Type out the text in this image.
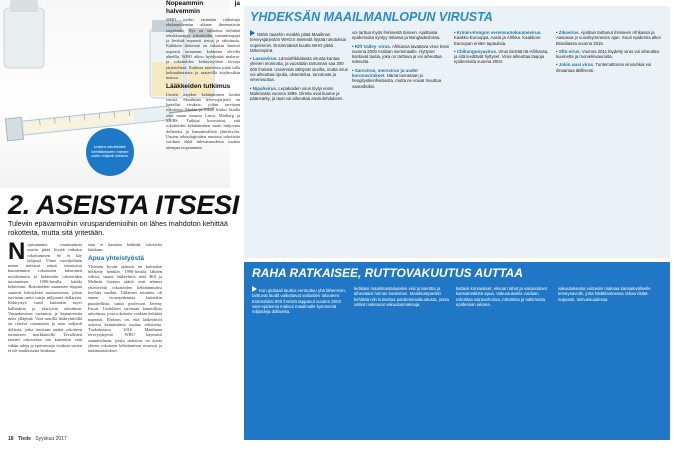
Uusien rokotteiden kehittämiseen menee usein miljardi dollaria.
2. ASEISTA ITSESI
Tuleviin epävarmoihin viruspandemioihin on lähes mahdoton kehittää rokotteita, mutta sitä yritetään.
N opeutamme varautumista uusiin pitää löytää ratkaisu rokottumisen. Se ei käy helposti. Viime vuosikolmen menet tarttuvat nämä sitoutuivat kuumemmin rokotusten tuleminen myöhemmin ja kehitettiin rokotteiden tuottaminen. 1980-luvulla kaikki kehitettiin. Rokotteiden saaminen riippuu suuresti kehityksen tuottamisesta, johon tarvitaan usein satoja miljoonia dollareita. Kehitystyö vaatii kuitenkin myös hallituksia ja yksityistä rahoitusta. Varaudumisen tuotantoa ja kapasiteettia tulee ylläpitää. Vain suurilla lääkeyhtiöillä on riittävä osaaminen ja noin miljardi dollaria, jotka tarvitaan uuden rokotteen tuomiseen markkinoille. Tavallisten tautien rokotteista saa kuitenkin vain vähän tuloja ja epävarmoja viruksia varten ei ole markkinoita lainkaan.
taan ei kannata kehittää rokotteita lainkaan.
Apua yhteistyöstä
Yhteisen hyvän ajatusta on kuitenkin herätetty henkiin. 1990-luvulla lähtien valtiot, suuret lääkeyhtiöt sekä Bill ja Melinda Gatesin säätiö ovat tehneet yhteistyötä rokotteiden kehittämiseksi köyhiin maihin. Tällainen toiminta oli ennen virusepidemiaa kuitenkin puutteellista, sanoo professori Jeremy Farrar. Uudelleen tarvitaan kunnollista rahoitusta, jotta rokotteita voidaan kehittää nopeasti. Ehdotus on, että lääkeyhtiöt saisivat kannustimia tuottaa rokotteita. Tuokokuussa 2016 Maailman terveysjärjestö WHO käynnisti suunnitelman, jonka tarkoitus on koota yhteen rokotteen kehittämisen resurssit ja tutkimustulokset.
Nopeammin ja halvemmin
WHO pyrkii etsimään ratkaisuja ebolaepidemian aikana ilmenneisiin ongelmiin. Nyt on tarkoitus kehittää tehokkaampia rokotteiden tuotantotapoja ja levittää nopeasti tietoa ja rahoitusta. Kaikkein tärkeintä on rokottaa ihmiset nopeasti tartunnan kohteena olevilla alueilla. WHO aikoo hyödyntää malaria- ja rokotteiden kehitystyöhön luotuja järjestelmiä. Kaikista tuotteista pitää tulla kohtuuhintaisia ja saatavilla köyhissäkin maissa.
Lääkkeiden tutkimus
Uusien aseiden kehittäminen kestää vuosia. Maailman terveysjärjestö on luetellut viruksia, joihin tarvitaan rokotteita. Ebolan ja Zikan lisäksi listalla ovat muun muassa Lassa, Marburg ja MERS. Tutkijat korostavat, että rokotteiden kehittäminen vaatii miljoonia dollareita ja kansainvälistä yhteistyötä. Uusien teknologioiden ansiosta rokotteita voidaan ehkä tulevaisuudessa tuottaa aiempaa nopeammin.
YHDEKSÄN MAAILMANLOPUN VIRUSTA
Nähin tautehin meidän pitää Maailman terveysjärjestön WHO:n mielestä löytää rokotuksia nopeimmin. Ensimmäisiä kuutta WHO pitää tärkeimpinä.
• Lassavirus. Länsiafrikkalaista virusta kantaa yleinen monirotta, ja vuosittain tartunnan saa 300 000 ihmistä. Useimmat välttyvät oireilta, mutta virus voi aiheuttaa ripulia, oksentelua, turvotusta ja verenvuotoa.
• Nipahvirus. Lepakoiden virus löytyi ensin Malesiasta vuonna 1999. Oireita ovat kuume ja päänsärky, ja tauti voi aiheuttaa aivotulehduksen.
voi tarttua myös ihmisestä toiseen. Ajoittaisia epidemioita syntyy Intiassa ja Bangladeshissa.
• Rift Valley -virus. Afrikassa tavattava virus levisi vuonna 2000 Arabian niemimaalle. Hyttyset kantavat tautia, joka on tarttuva ja voi aiheuttaa sokeutta.
• Sarsvirus, mersvirus ja uudet koronavirukset. Nämä tunnetaan jo hengitystieinfektioista, mutta ne voivat muuttua vaarallisiksi.
• Krimin-Kongon verenvuotokuumevirus. Kaakko-Eurooppa, Aasia ja Afrikka. Kaakkois-Euroopan eniten tapauksia.
• Chikungunyavirus. Virus kiertää Itä-Afrikassa, ja sitä levittävät hyttyset. Virus aiheuttaa laajoja epidemioita vuonna 2004.
• Zikavirus. Ajoittain tarttunut ihmiseen Afrikassa ja Aasiassa jo vuosikymmenen ajan. Suuri epidemia alkoi Brasiliassa vuonna 2015.
• Sfts-virus. Vuonna 2011 löydetty virus voi aiheuttaa kuumetta ja monielinvaurioita.
• Jokin uusi virus. Tuntemattomia virusuhkia voi ilmaantua äkillisesti.
RAHA RATKAISEE, RUTTOVAKUUTUS AUTTAA
Kun globaali tautius vertauttuu yhä lähemmin, tarttuvat taudit vaikuttavat valtioiden talouteen. Esimerkiksi 800 ihmistä tappanut vuoden 2003 sars-epidemia maksoi maailmalle kymmeniä miljardeja dollareita.
ledikaisi maailmantalouteksi viisi prosenttia ja aiheuttaisi hinnan kuoleman. Maailmanpankki kehittää niin kutsuttua pandemiavakuutusta, jossa valtiot maksavat vakuutusmaksuja.
kattaisi korvaukset, eksoan tahot ja vakuutukset kansainvälistä apua. Vakuutuksella voidaan rahoittaa sairaanhoitoa, rokotteita ja tutkimusta epidemian aikana.
vakuutuksesta voitaisiin maksaa kansainväliselle terveysavulle, jotta hätätilanteessa rahaa riittää nopeasti, tulevaisuudessa.
18 Tiede Syyskuu 2017
